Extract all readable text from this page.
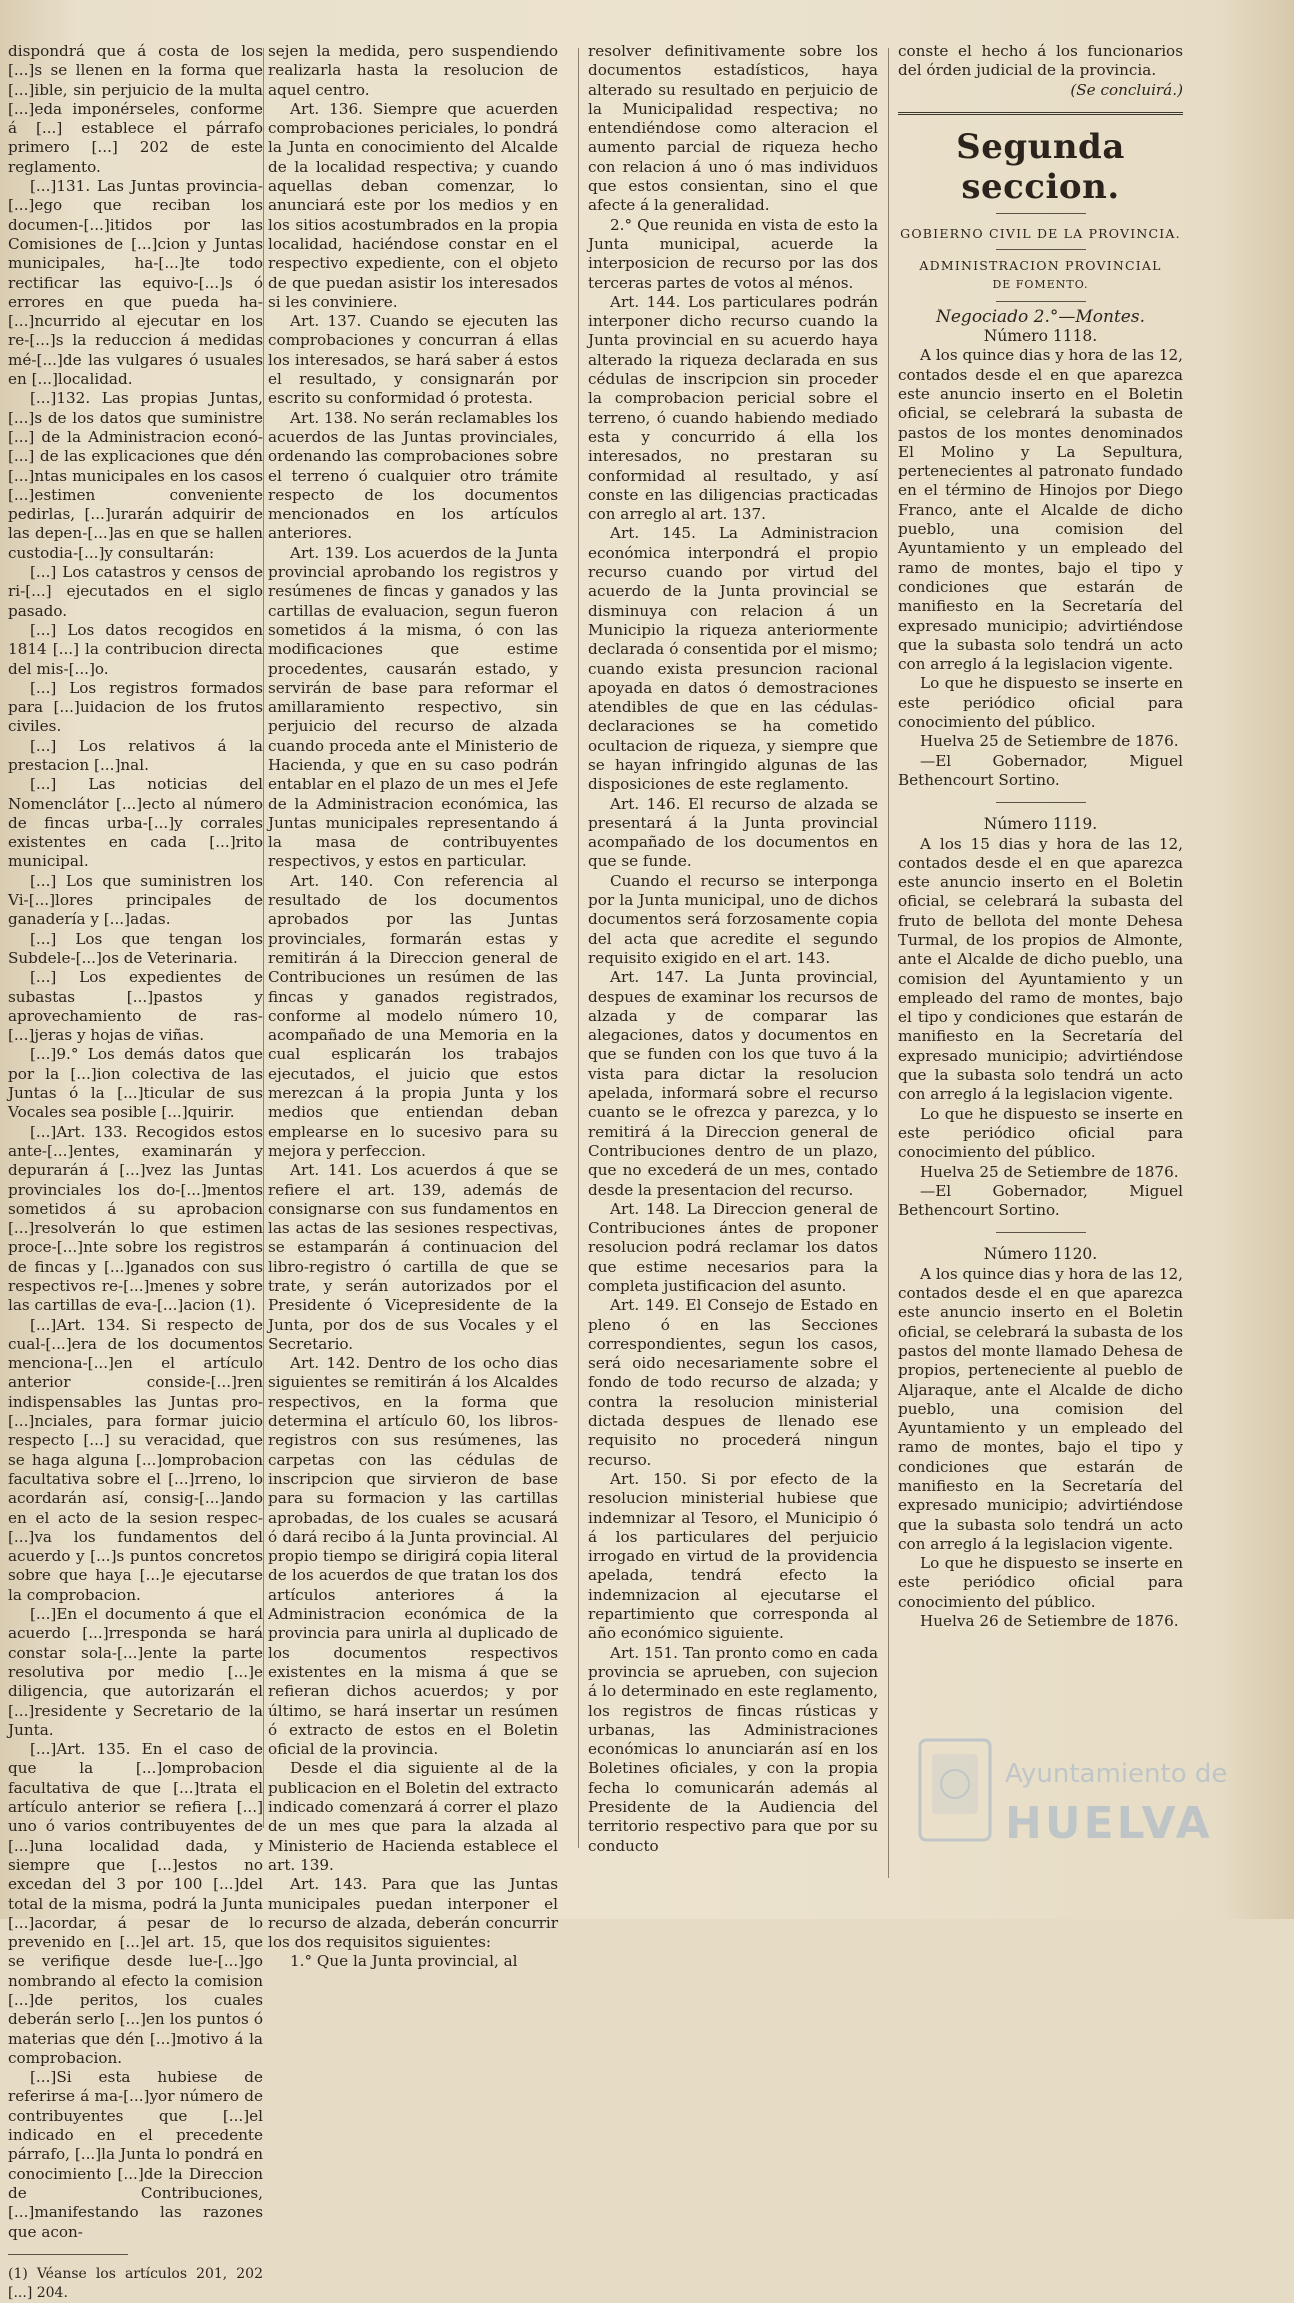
dispondrá que á costa de los [...]s se llenen en la forma que [...]ible, sin perjuicio de la multa [...]eda imponérseles, conforme á [...] establece el párrafo primero [...] 202 de este reglamento.

[...]131. Las Juntas provincia-[...]ego que reciban los documen-[...]itidos por las Comisiones de [...]cion y Juntas municipales, ha-[...]te todo rectificar las equivo-[...]s ó errores en que pueda ha-[...]ncurrido al ejecutar en los re-[...]s la reduccion á medidas mé-[...]de las vulgares ó usuales en [...]localidad.

[...]132. Las propias Juntas, [...]s de los datos que suministre [...] de la Administracion econó-[...] de las explicaciones que dén [...]ntas municipales en los casos [...]estimen conveniente pedirlas, [...]urarán adquirir de las depen-[...]as en que se hallen custodia-[...]y consultarán:

[...] Los catastros y censos de ri-[...] ejecutados en el siglo pasado.

[...] Los datos recogidos en 1814 [...] la contribucion directa del mis-[...]o.

[...] Los registros formados para [...]uidacion de los frutos civiles.

[...] Los relativos á la prestacion [...]nal.

[...] Las noticias del Nomenclátor [...]ecto al número de fincas urba-[...]y corrales existentes en cada [...]rito municipal.

[...] Los que suministren los Vi-[...]lores principales de ganadería y [...]adas.

[...] Los que tengan los Subdele-[...]os de Veterinaria.

[...] Los expedientes de subastas [...]pastos y aprovechamiento de ras-[...]jeras y hojas de viñas.

[...]9.° Los demás datos que por la [...]ion colectiva de las Juntas ó la [...]ticular de sus Vocales sea posible [...]quirir.

[...]Art. 133. Recogidos estos ante-[...]entes, examinarán y depurarán á [...]vez las Juntas provinciales los do-[...]mentos sometidos á su aprobacion [...]resolverán lo que estimen proce-[...]nte sobre los registros de fincas y [...]ganados con sus respectivos re-[...]menes y sobre las cartillas de eva-[...]acion (1).

[...]Art. 134. Si respecto de cual-[...]era de los documentos menciona-[...]en el artículo anterior conside-[...]ren indispensables las Juntas pro-[...]nciales, para formar juicio respecto [...] su veracidad, que se haga alguna [...]omprobacion facultativa sobre el [...]rreno, lo acordarán así, consig-[...]ando en el acto de la sesion respec-[...]va los fundamentos del acuerdo y [...]s puntos concretos sobre que haya [...]e ejecutarse la comprobacion.

[...]En el documento á que el acuerdo [...]rresponda se hará constar sola-[...]ente la parte resolutiva por medio [...]e diligencia, que autorizarán el [...]residente y Secretario de la Junta.

[...]Art. 135. En el caso de que la [...]omprobacion facultativa de que [...]trata el artículo anterior se refiera [...] uno ó varios contribuyentes de [...]una localidad dada, y siempre que [...]estos no excedan del 3 por 100 [...]del total de la misma, podrá la Junta [...]acordar, á pesar de lo prevenido en [...]el art. 15, que se verifique desde lue-[...]go nombrando al efecto la comision [...]de peritos, los cuales deberán serlo [...]en los puntos ó materias que dén [...]motivo á la comprobacion.

[...]Si esta hubiese de referirse á ma-[...]yor número de contribuyentes que [...]el indicado en el precedente párrafo, [...]la Junta lo pondrá en conocimiento [...]de la Direccion de Contribuciones, [...]manifestando las razones que acon-

(1) Véanse los artículos 201, 202 [...] 204.

sejen la medida, pero suspendiendo realizarla hasta la resolucion de aquel centro.

Art. 136. Siempre que acuerden comprobaciones periciales, lo pondrá la Junta en conocimiento del Alcalde de la localidad respectiva; y cuando aquellas deban comenzar, lo anunciará este por los medios y en los sitios acostumbrados en la propia localidad, haciéndose constar en el respectivo expediente, con el objeto de que puedan asistir los interesados si les conviniere.

Art. 137. Cuando se ejecuten las comprobaciones y concurran á ellas los interesados, se hará saber á estos el resultado, y consignarán por escrito su conformidad ó protesta.

Art. 138. No serán reclamables los acuerdos de las Juntas provinciales, ordenando las comprobaciones sobre el terreno ó cualquier otro trámite respecto de los documentos mencionados en los artículos anteriores.

Art. 139. Los acuerdos de la Junta provincial aprobando los registros y resúmenes de fincas y ganados y las cartillas de evaluacion, segun fueron sometidos á la misma, ó con las modificaciones que estime procedentes, causarán estado, y servirán de base para reformar el amillaramiento respectivo, sin perjuicio del recurso de alzada cuando proceda ante el Ministerio de Hacienda, y que en su caso podrán entablar en el plazo de un mes el Jefe de la Administracion económica, las Juntas municipales representando á la masa de contribuyentes respectivos, y estos en particular.

Art. 140. Con referencia al resultado de los documentos aprobados por las Juntas provinciales, formarán estas y remitirán á la Direccion general de Contribuciones un resúmen de las fincas y ganados registrados, conforme al modelo número 10, acompañado de una Memoria en la cual esplicarán los trabajos ejecutados, el juicio que estos merezcan á la propia Junta y los medios que entiendan deban emplearse en lo sucesivo para su mejora y perfeccion.

Art. 141. Los acuerdos á que se refiere el art. 139, además de consignarse con sus fundamentos en las actas de las sesiones respectivas, se estamparán á continuacion del libro-registro ó cartilla de que se trate, y serán autorizados por el Presidente ó Vicepresidente de la Junta, por dos de sus Vocales y el Secretario.

Art. 142. Dentro de los ocho dias siguientes se remitirán á los Alcaldes respectivos, en la forma que determina el artículo 60, los libros-registros con sus resúmenes, las carpetas con las cédulas de inscripcion que sirvieron de base para su formacion y las cartillas aprobadas, de los cuales se acusará ó dará recibo á la Junta provincial. Al propio tiempo se dirigirá copia literal de los acuerdos de que tratan los dos artículos anteriores á la Administracion económica de la provincia para unirla al duplicado de los documentos respectivos existentes en la misma á que se refieran dichos acuerdos; y por último, se hará insertar un resúmen ó extracto de estos en el Boletin oficial de la provincia.

Desde el dia siguiente al de la publicacion en el Boletin del extracto indicado comenzará á correr el plazo de un mes que para la alzada al Ministerio de Hacienda establece el art. 139.

Art. 143. Para que las Juntas municipales puedan interponer el recurso de alzada, deberán concurrir los dos requisitos siguientes:

1.° Que la Junta provincial, al

resolver definitivamente sobre los documentos estadísticos, haya alterado su resultado en perjuicio de la Municipalidad respectiva; no entendiéndose como alteracion el aumento parcial de riqueza hecho con relacion á uno ó mas individuos que estos consientan, sino el que afecte á la generalidad.

2.° Que reunida en vista de esto la Junta municipal, acuerde la interposicion de recurso por las dos terceras partes de votos al ménos.

Art. 144. Los particulares podrán interponer dicho recurso cuando la Junta provincial en su acuerdo haya alterado la riqueza declarada en sus cédulas de inscripcion sin proceder la comprobacion pericial sobre el terreno, ó cuando habiendo mediado esta y concurrido á ella los interesados, no prestaran su conformidad al resultado, y así conste en las diligencias practicadas con arreglo al art. 137.

Art. 145. La Administracion económica interpondrá el propio recurso cuando por virtud del acuerdo de la Junta provincial se disminuya con relacion á un Municipio la riqueza anteriormente declarada ó consentida por el mismo; cuando exista presuncion racional apoyada en datos ó demostraciones atendibles de que en las cédulas-declaraciones se ha cometido ocultacion de riqueza, y siempre que se hayan infringido algunas de las disposiciones de este reglamento.

Art. 146. El recurso de alzada se presentará á la Junta provincial acompañado de los documentos en que se funde.

Cuando el recurso se interponga por la Junta municipal, uno de dichos documentos será forzosamente copia del acta que acredite el segundo requisito exigido en el art. 143.

Art. 147. La Junta provincial, despues de examinar los recursos de alzada y de comparar las alegaciones, datos y documentos en que se funden con los que tuvo á la vista para dictar la resolucion apelada, informará sobre el recurso cuanto se le ofrezca y parezca, y lo remitirá á la Direccion general de Contribuciones dentro de un plazo, que no excederá de un mes, contado desde la presentacion del recurso.

Art. 148. La Direccion general de Contribuciones ántes de proponer resolucion podrá reclamar los datos que estime necesarios para la completa justificacion del asunto.

Art. 149. El Consejo de Estado en pleno ó en las Secciones correspondientes, segun los casos, será oido necesariamente sobre el fondo de todo recurso de alzada; y contra la resolucion ministerial dictada despues de llenado ese requisito no procederá ningun recurso.

Art. 150. Si por efecto de la resolucion ministerial hubiese que indemnizar al Tesoro, el Municipio ó á los particulares del perjuicio irrogado en virtud de la providencia apelada, tendrá efecto la indemnizacion al ejecutarse el repartimiento que corresponda al año económico siguiente.

Art. 151. Tan pronto como en cada provincia se aprueben, con sujecion á lo determinado en este reglamento, los registros de fincas rústicas y urbanas, las Administraciones económicas lo anunciarán así en los Boletines oficiales, y con la propia fecha lo comunicarán además al Presidente de la Audiencia del territorio respectivo para que por su conducto

conste el hecho á los funcionarios del órden judicial de la provincia.

(Se concluirá.)

Segunda seccion.

GOBIERNO CIVIL DE LA PROVINCIA.

ADMINISTRACION PROVINCIAL

DE FOMENTO.

Negociado 2.°—Montes.

Número 1118.

A los quince dias y hora de las 12, contados desde el en que aparezca este anuncio inserto en el Boletin oficial, se celebrará la subasta de pastos de los montes denominados El Molino y La Sepultura, pertenecientes al patronato fundado en el término de Hinojos por Diego Franco, ante el Alcalde de dicho pueblo, una comision del Ayuntamiento y un empleado del ramo de montes, bajo el tipo y condiciones que estarán de manifiesto en la Secretaría del expresado municipio; advirtiéndose que la subasta solo tendrá un acto con arreglo á la legislacion vigente.

Lo que he dispuesto se inserte en este periódico oficial para conocimiento del público.

Huelva 25 de Setiembre de 1876.

—El Gobernador, Miguel Bethencourt Sortino.

Número 1119.

A los 15 dias y hora de las 12, contados desde el en que aparezca este anuncio inserto en el Boletin oficial, se celebrará la subasta del fruto de bellota del monte Dehesa Turmal, de los propios de Almonte, ante el Alcalde de dicho pueblo, una comision del Ayuntamiento y un empleado del ramo de montes, bajo el tipo y condiciones que estarán de manifiesto en la Secretaría del expresado municipio; advirtiéndose que la subasta solo tendrá un acto con arreglo á la legislacion vigente.

Lo que he dispuesto se inserte en este periódico oficial para conocimiento del público.

Huelva 25 de Setiembre de 1876.

—El Gobernador, Miguel Bethencourt Sortino.

Número 1120.

A los quince dias y hora de las 12, contados desde el en que aparezca este anuncio inserto en el Boletin oficial, se celebrará la subasta de los pastos del monte llamado Dehesa de propios, perteneciente al pueblo de Aljaraque, ante el Alcalde de dicho pueblo, una comision del Ayuntamiento y un empleado del ramo de montes, bajo el tipo y condiciones que estarán de manifiesto en la Secretaría del expresado municipio; advirtiéndose que la subasta solo tendrá un acto con arreglo á la legislacion vigente.

Lo que he dispuesto se inserte en este periódico oficial para conocimiento del público.

Huelva 26 de Setiembre de 1876.

Ayuntamiento de
HUELVA
